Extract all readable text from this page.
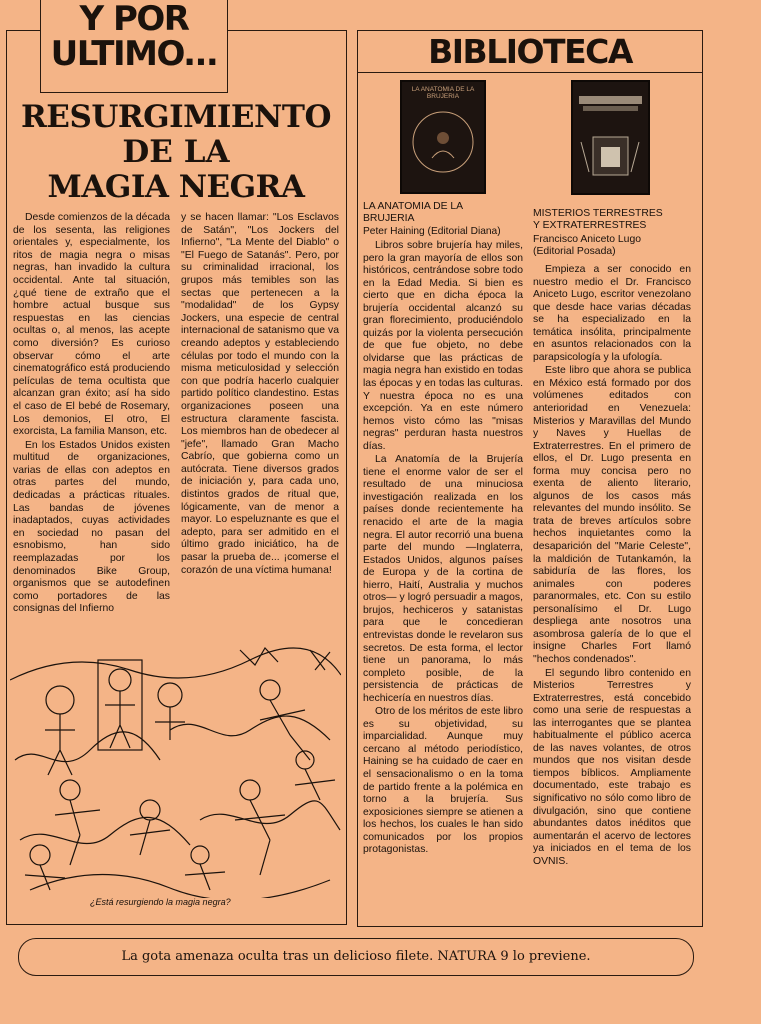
Y POR
ULTIMO...
RESURGIMIENTO
DE LA
MAGIA NEGRA

Desde comienzos de la década de los sesenta, las religiones orientales y, especialmente, los ritos de magia negra o misas negras, han invadido la cultura occidental. Ante tal situación, ¿qué tiene de extraño que el hombre actual busque sus respuestas en las ciencias ocultas o, al menos, las acepte como diversión? Es curioso observar cómo el arte cinematográfico está produciendo películas de tema ocultista que alcanzan gran éxito; así ha sido el caso de El bebé de Rosemary, Los demonios, El otro, El exorcista, La familia Manson, etc.

En los Estados Unidos existen multitud de organizaciones, varias de ellas con adeptos en otras partes del mundo, dedicadas a prácticas rituales. Las bandas de jóvenes inadaptados, cuyas actividades en sociedad no pasan del esnobismo, han sido reemplazadas por los denominados Bike Group, organismos que se autodefinen como portadores de las consignas del Infierno

y se hacen llamar: "Los Esclavos de Satán", "Los Jockers del Infierno", "La Mente del Diablo" o "El Fuego de Satanás". Pero, por su criminalidad irracional, los grupos más temibles son las sectas que pertenecen a la "modalidad" de los Gypsy Jockers, una especie de central internacional de satanismo que va creando adeptos y estableciendo células por todo el mundo con la misma meticulosidad y selección con que podría hacerlo cualquier partido político clandestino. Estas organizaciones poseen una estructura claramente fascista. Los miembros han de obedecer al "jefe", llamado Gran Macho Cabrío, que gobierna como un autócrata. Tiene diversos grados de iniciación y, para cada uno, distintos grados de ritual que, lógicamente, van de menor a mayor. Lo espeluznante es que el adepto, para ser admitido en el último grado iniciático, ha de pasar la prueba de... ¡comerse el corazón de una víctima humana!

¿Está resurgiendo la magia negra?
BIBLIOTECA
LA ANATOMIA DE LA BRUJERIA
LA ANATOMIA DE LA
BRUJERIA
Peter Haining (Editorial Diana)

Libros sobre brujería hay miles, pero la gran mayoría de ellos son históricos, centrándose sobre todo en la Edad Media. Si bien es cierto que en dicha época la brujería occidental alcanzó su gran florecimiento, produciéndolo quizás por la violenta persecución de que fue objeto, no debe olvidarse que las prácticas de magia negra han existido en todas las épocas y en todas las culturas. Y nuestra época no es una excepción. Ya en este número hemos visto cómo las "misas negras" perduran hasta nuestros días.

La Anatomía de la Brujería tiene el enorme valor de ser el resultado de una minuciosa investigación realizada en los países donde recientemente ha renacido el arte de la magia negra. El autor recorrió una buena parte del mundo —Inglaterra, Estados Unidos, algunos países de Europa y de la cortina de hierro, Haití, Australia y muchos otros— y logró persuadir a magos, brujos, hechiceros y satanistas para que le concedieran entrevistas donde le revelaron sus secretos. De esta forma, el lector tiene un panorama, lo más completo posible, de la persistencia de prácticas de hechicería en nuestros días.

Otro de los méritos de este libro es su objetividad, su imparcialidad. Aunque muy cercano al método periodístico, Haining se ha cuidado de caer en el sensacionalismo o en la toma de partido frente a la polémica en torno a la brujería. Sus exposiciones siempre se atienen a los hechos, los cuales le han sido comunicados por los propios protagonistas.

MISTERIOS TERRESTRES
Y EXTRATERRESTRES
Francisco Aniceto Lugo
(Editorial Posada)

Empieza a ser conocido en nuestro medio el Dr. Francisco Aniceto Lugo, escritor venezolano que desde hace varias décadas se ha especializado en la temática insólita, principalmente en asuntos relacionados con la parapsicología y la ufología.

Este libro que ahora se publica en México está formado por dos volúmenes editados con anterioridad en Venezuela: Misterios y Maravillas del Mundo y Naves y Huellas de Extraterrestres. En el primero de ellos, el Dr. Lugo presenta en forma muy concisa pero no exenta de aliento literario, algunos de los casos más relevantes del mundo insólito. Se trata de breves artículos sobre hechos inquietantes como la desaparición del "Marie Celeste", la maldición de Tutankamón, la sabiduría de las flores, los animales con poderes paranormales, etc. Con su estilo personalísimo el Dr. Lugo despliega ante nosotros una asombrosa galería de lo que el insigne Charles Fort llamó "hechos condenados".

El segundo libro contenido en Misterios Terrestres y Extraterrestres, está concebido como una serie de respuestas a las interrogantes que se plantea habitualmente el público acerca de las naves volantes, de otros mundos que nos visitan desde tiempos bíblicos. Ampliamente documentado, este trabajo es significativo no sólo como libro de divulgación, sino que contiene abundantes datos inéditos que aumentarán el acervo de lectores ya iniciados en el tema de los OVNIS.

La gota amenaza oculta tras un delicioso filete. NATURA 9 lo previene.
